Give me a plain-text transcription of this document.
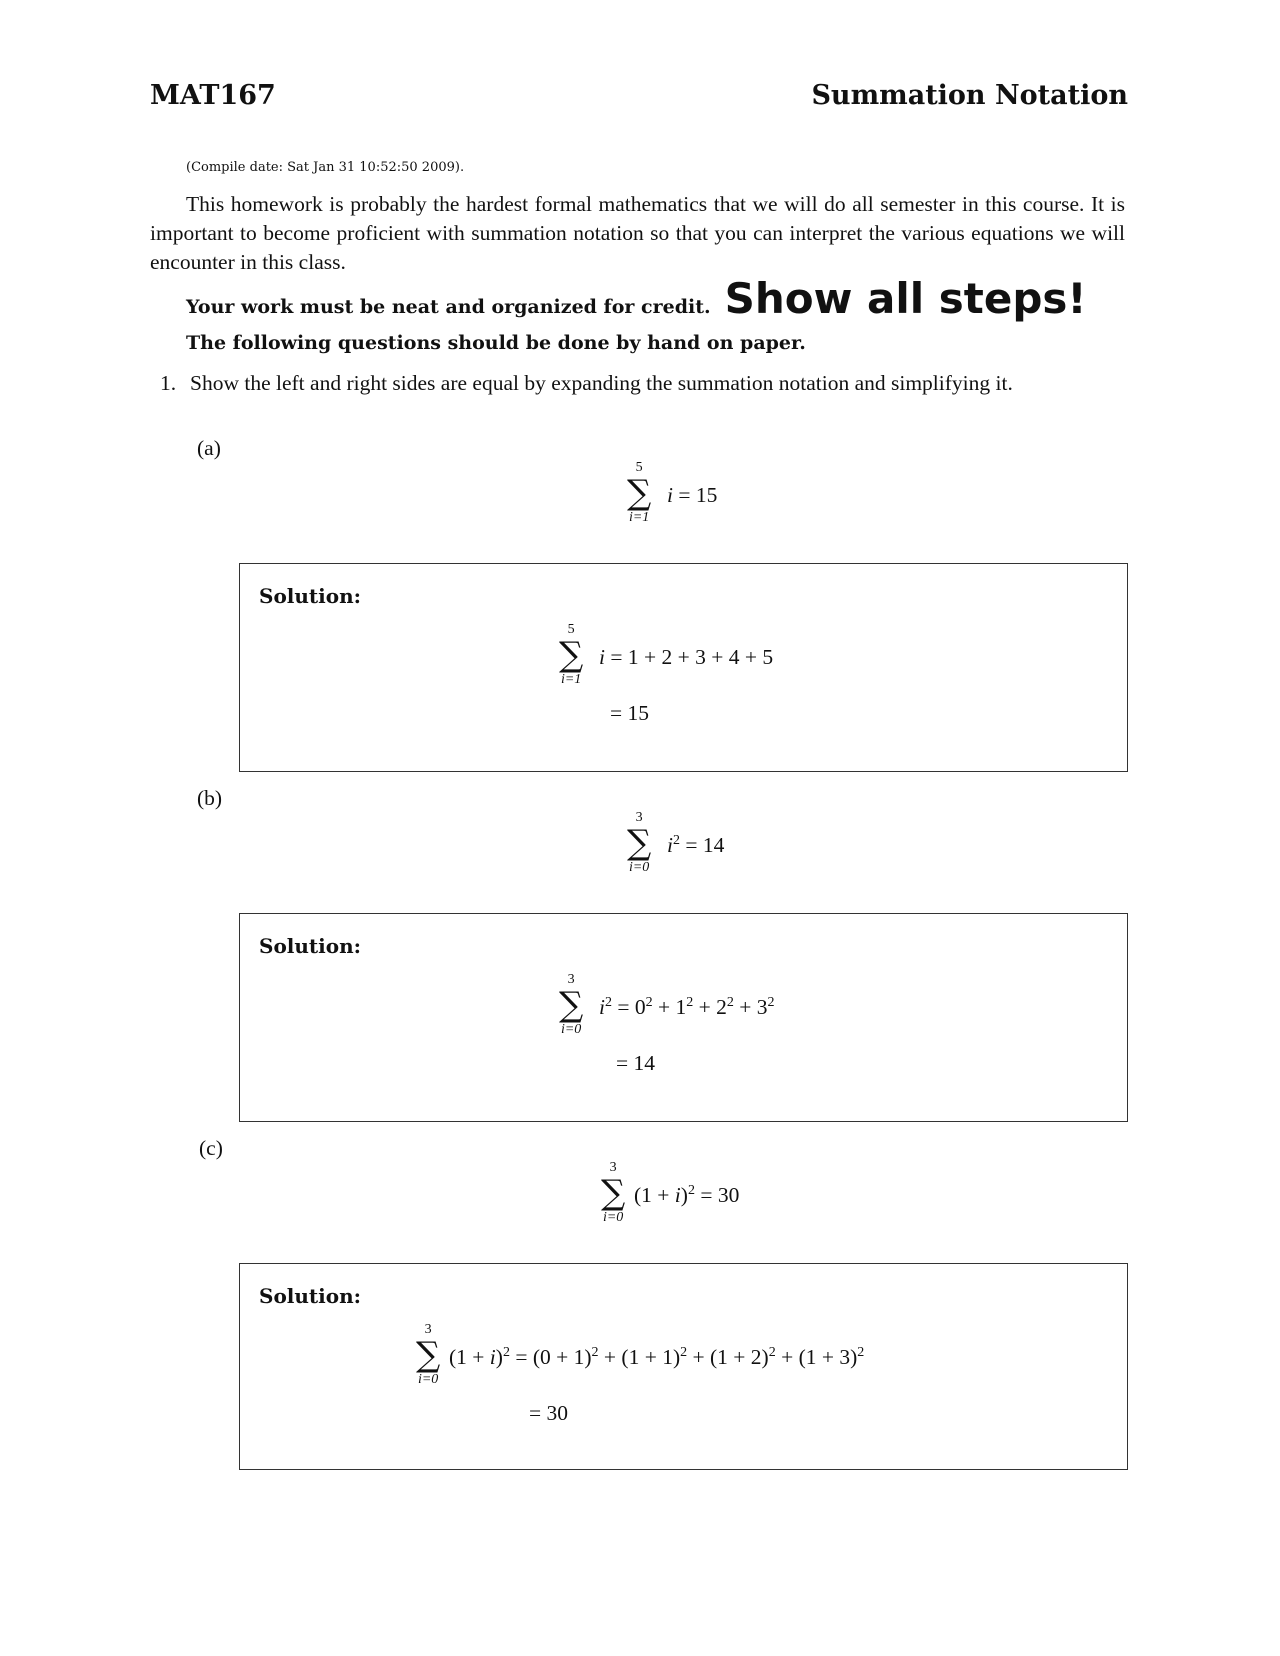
MAT167	Summation Notation
(Compile date: Sat Jan 31 10:52:50 2009).

This homework is probably the hardest formal mathematics that we will do all semester in this course. It is important to become proficient with summation notation so that you can interpret the various equations we will encounter in this class.

Your work must be neat and organized for credit. Show all steps!
The following questions should be done by hand on paper.
1. Show the left and right sides are equal by expanding the summation notation and simplifying it.
(a)
5
∑
i=1
i = 15
Solution:
5
∑
i=1
i = 1 + 2 + 3 + 4 + 5
= 15
(b)
3
∑
i=0
$i^2 = 14$
Solution:
3
∑
i=0
$i^2 = 0^2 + 1^2 + 2^2 + 3^2$
= 14
(c)
3
∑
i=0
$(1 + i)^2 = 30$
Solution:
3
∑
i=0
$(1 + i)^2 = (0 + 1)^2 + (1 + 1)^2 + (1 + 2)^2 + (1 + 3)^2$
= 30
